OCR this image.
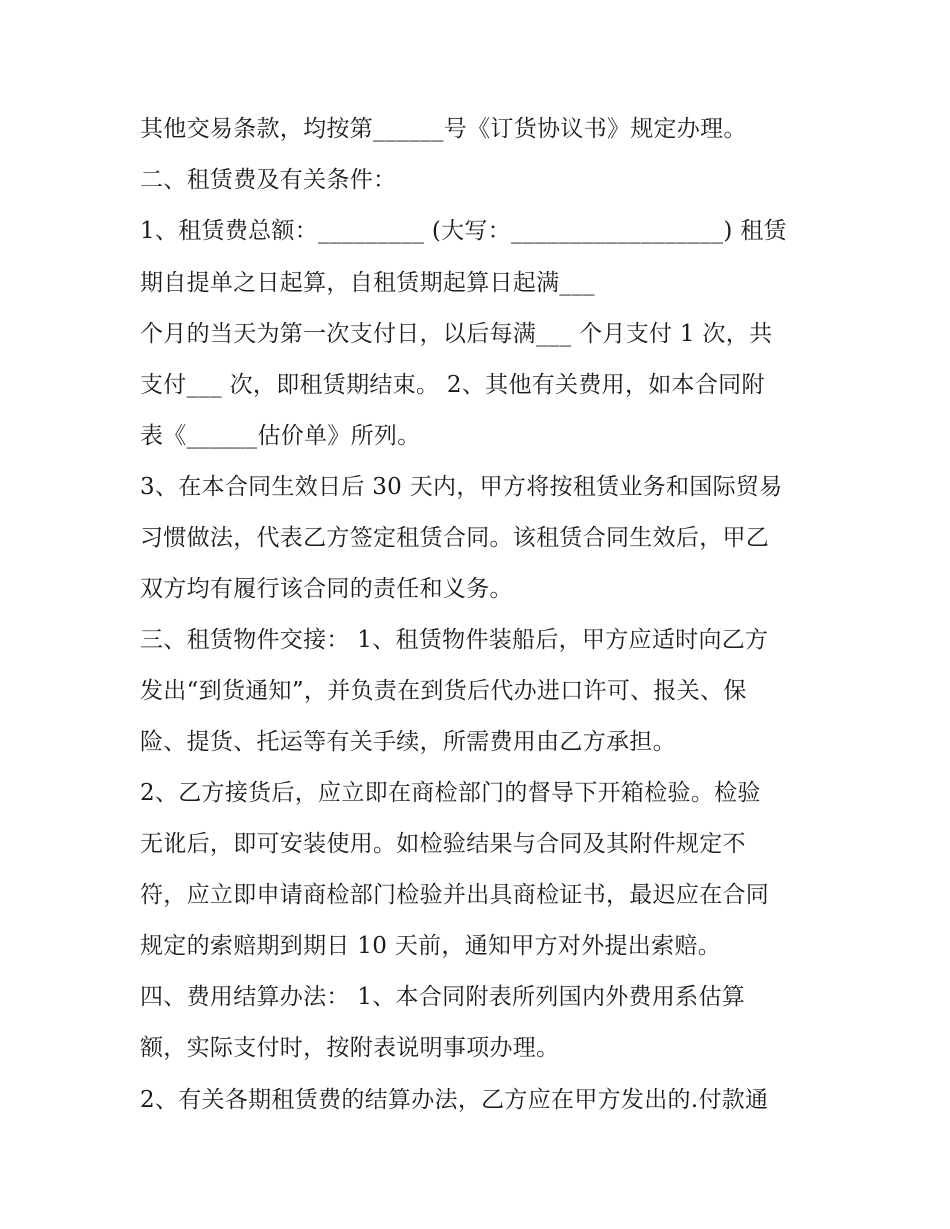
其他交易条款，均按第______号《订货协议书》规定办理。
二、租赁费及有关条件：
1、租赁费总额：_________ (大写：__________________) 租赁
期自提单之日起算，自租赁期起算日起满___
个月的当天为第一次支付日，以后每满___ 个月支付 1 次，共
支付___ 次，即租赁期结束。 2、其他有关费用，如本合同附
表《______估价单》所列。
3、在本合同生效日后 30 天内，甲方将按租赁业务和国际贸易
习惯做法，代表乙方签定租赁合同。该租赁合同生效后，甲乙
双方均有履行该合同的责任和义务。
三、租赁物件交接： 1、租赁物件装船后，甲方应适时向乙方
发出“到货通知”，并负责在到货后代办进口许可、报关、保
险、提货、托运等有关手续，所需费用由乙方承担。
2、乙方接货后，应立即在商检部门的督导下开箱检验。检验
无讹后，即可安装使用。如检验结果与合同及其附件规定不
符，应立即申请商检部门检验并出具商检证书，最迟应在合同
规定的索赔期到期日 10 天前，通知甲方对外提出索赔。
四、费用结算办法： 1、本合同附表所列国内外费用系估算
额，实际支付时，按附表说明事项办理。
2、有关各期租赁费的结算办法，乙方应在甲方发出的.付款通
